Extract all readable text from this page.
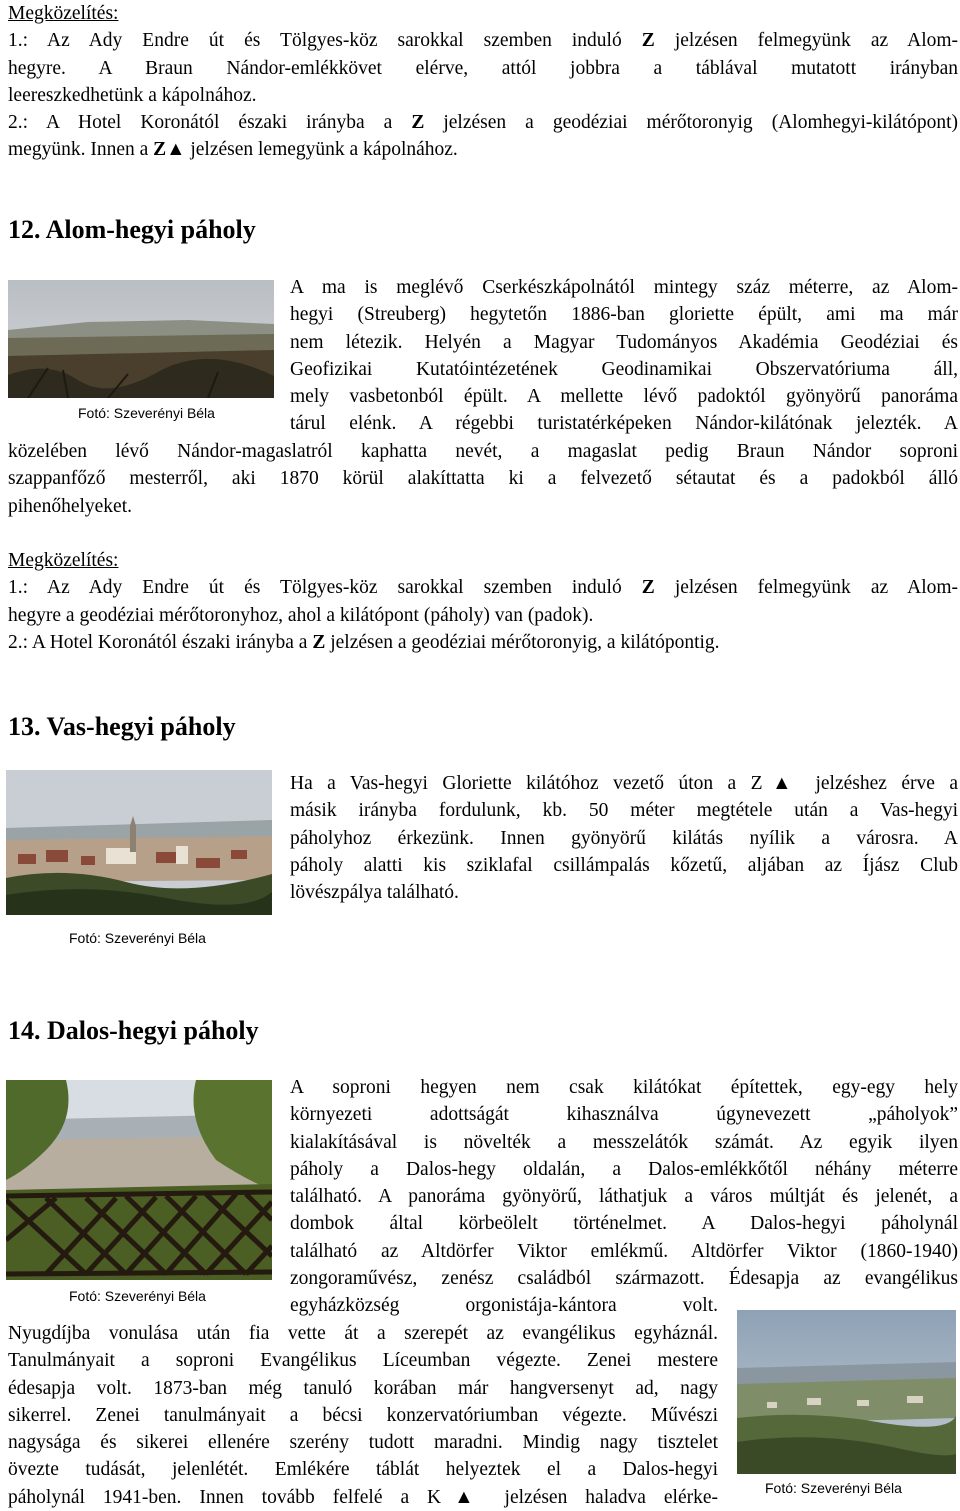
Megközelítés:
1.: Az Ady Endre út és Tölgyes-köz sarokkal szemben induló Z jelzésen felmegyünk az Alom-
hegyre. A Braun Nándor-emlékkövet elérve, attól jobbra a táblával mutatott irányban
leereszkedhetünk a kápolnához.
2.: A Hotel Koronától északi irányba a Z jelzésen a geodéziai mérőtoronyig (Alomhegyi-kilátópont)
megyünk. Innen a Z▲ jelzésen lemegyünk a kápolnához.
12. Alom-hegyi páholy
Fotó: Szeverényi Béla
A ma is meglévő Cserkészkápolnától mintegy száz méterre, az Alom-
hegyi (Streuberg) hegytetőn 1886-ban gloriette épült, ami ma már
nem létezik. Helyén a Magyar Tudományos Akadémia Geodéziai és
Geofizikai Kutatóintézetének Geodinamikai Obszervatóriuma áll,
mely vasbetonból épült. A mellette lévő padoktól gyönyörű panoráma
tárul elénk. A régebbi turistatérképeken Nándor-kilátónak jelezték. A
közelében lévő Nándor-magaslatról kaphatta nevét, a magaslat pedig Braun Nándor soproni
szappanfőző mesterről, aki 1870 körül alakíttatta ki a felvezető sétautat és a padokból álló
pihenőhelyeket.
Megközelítés:
1.: Az Ady Endre út és Tölgyes-köz sarokkal szemben induló Z jelzésen felmegyünk az Alom-
hegyre a geodéziai mérőtoronyhoz, ahol a kilátópont (páholy) van (padok).
2.: A Hotel Koronától északi irányba a Z jelzésen a geodéziai mérőtoronyig, a kilátópontig.
13. Vas-hegyi páholy
Fotó: Szeverényi Béla
Ha a Vas-hegyi Gloriette kilátóhoz vezető úton a Z▲ jelzéshez érve a
másik irányba fordulunk, kb. 50 méter megtétele után a Vas-hegyi
páholyhoz érkezünk. Innen gyönyörű kilátás nyílik a városra. A
páholy alatti kis sziklafal csillámpalás kőzetű, aljában az Íjász Club
lövészpálya található.
14. Dalos-hegyi páholy
Fotó: Szeverényi Béla
A soproni hegyen nem csak kilátókat építettek, egy-egy hely
környezeti adottságát kihasználva úgynevezett „páholyok”
kialakításával is növelték a messzelátók számát. Az egyik ilyen
páholy a Dalos-hegy oldalán, a Dalos-emlékkőtől néhány méterre
található. A panoráma gyönyörű, láthatjuk a város múltját és jelenét, a
dombok által körbeölelt történelmet. A Dalos-hegyi páholynál
található az Altdörfer Viktor emlékmű. Altdörfer Viktor (1860-1940)
zongoraművész, zenész családból származott. Édesapja az evangélikus
egyházközség orgonistája-kántora volt.
Nyugdíjba vonulása után fia vette át a szerepét az evangélikus egyháznál.
Tanulmányait a soproni Evangélikus Líceumban végezte. Zenei mestere
édesapja volt. 1873-ban még tanuló korában már hangversenyt ad, nagy
sikerrel. Zenei tanulmányait a bécsi konzervatóriumban végezte. Művészi
nagysága és sikerei ellenére szerény tudott maradni. Mindig nagy tisztelet
övezte tudását, jelenlétét. Emlékére táblát helyeztek el a Dalos-hegyi
páholynál 1941-ben. Innen tovább felfelé a K▲ jelzésen haladva elérke-	Fotó: Szeverényi Béla
